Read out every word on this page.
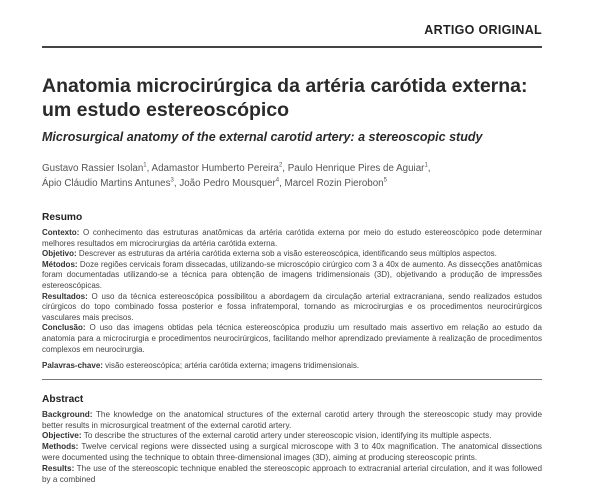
ARTIGO ORIGINAL
Anatomia microcirúrgica da artéria carótida externa:
um estudo estereoscópico
Microsurgical anatomy of the external carotid artery: a stereoscopic study
Gustavo Rassier Isolan$^1$, Adamastor Humberto Pereira$^2$, Paulo Henrique Pires de Aguiar$^1$,
Ápio Cláudio Martins Antunes$^3$, João Pedro Mousquer$^4$, Marcel Rozin Pierobon$^5$
Resumo
Contexto: O conhecimento das estruturas anatômicas da artéria carótida externa por meio do estudo estereoscópico pode determinar melhores resultados em microcirurgias da artéria carótida externa.
Objetivo: Descrever as estruturas da artéria carótida externa sob a visão estereoscópica, identificando seus múltiplos aspectos.
Métodos: Doze regiões cervicais foram dissecadas, utilizando-se microscópio cirúrgico com 3 a 40x de aumento. As dissecções anatômicas foram documentadas utilizando-se a técnica para obtenção de imagens tridimensionais (3D), objetivando a produção de impressões estereoscópicas.
Resultados: O uso da técnica estereoscópica possibilitou a abordagem da circulação arterial extracraniana, sendo realizados estudos cirúrgicos do topo combinado fossa posterior e fossa infratemporal, tornando as microcirurgias e os procedimentos neurocirúrgicos vasculares mais precisos.
Conclusão: O uso das imagens obtidas pela técnica estereoscópica produziu um resultado mais assertivo em relação ao estudo da anatomia para a microcirurgia e procedimentos neurocirúrgicos, facilitando melhor aprendizado previamente à realização de procedimentos complexos em neurocirurgia.
Palavras-chave: visão estereoscópica; artéria carótida externa; imagens tridimensionais.
Abstract
Background: The knowledge on the anatomical structures of the external carotid artery through the stereoscopic study may provide better results in microsurgical treatment of the external carotid artery.
Objective: To describe the structures of the external carotid artery under stereoscopic vision, identifying its multiple aspects.
Methods: Twelve cervical regions were dissected using a surgical microscope with 3 to 40x magnification. The anatomical dissections were documented using the technique to obtain three-dimensional images (3D), aiming at producing stereoscopic prints.
Results: The use of the stereoscopic technique enabled the stereoscopic approach to extracranial arterial circulation, and it was followed by a combined
